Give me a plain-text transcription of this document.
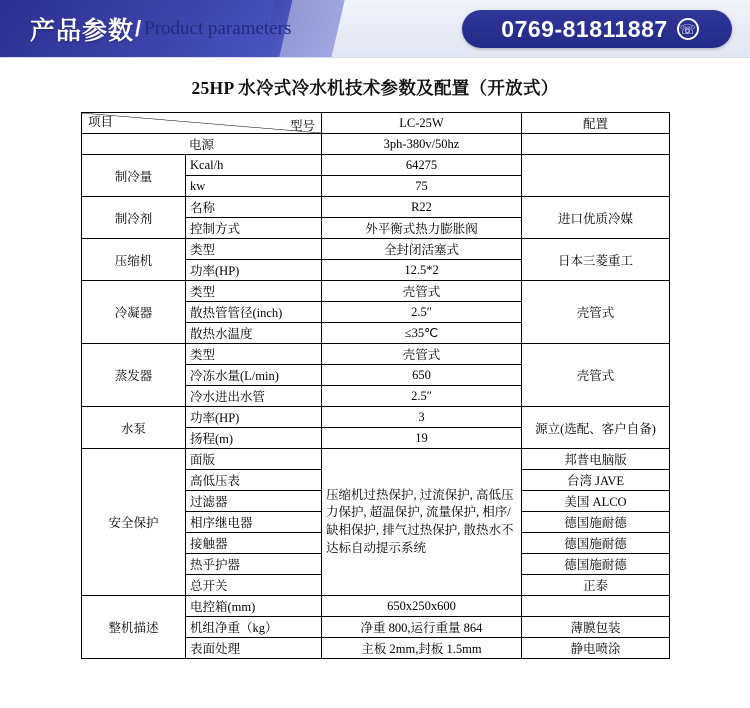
产品参数 / Product parameters	0769-81811887 ☏
25HP 水冷式冷水机技术参数及配置（开放式）
型号
项目		LC-25W	配置
电源		3ph-380v/50hz	
制冷量	Kcal/h	64275	
	kw	75	
制冷剂	名称	R22	进口优质冷媒
	控制方式	外平衡式热力膨胀阀	
压缩机	类型	全封闭活塞式	日本三菱重工
	功率(HP)	12.5*2	
冷凝器	类型	壳管式	壳管式
	散热管管径(inch)	2.5″	
	散热水温度	≤35℃	
蒸发器	类型	壳管式	壳管式
	冷冻水量(L/min)	650	
	冷水进出水管	2.5″	
水泵	功率(HP)	3	源立(选配、客户自备)
	扬程(m)	19	
安全保护	面版	压缩机过热保护, 过流保护, 高低压力保护, 超温保护, 流量保护, 相序/缺相保护, 排气过热保护, 散热水不达标自动提示系统	邦普电脑版
	高低压表		台湾 JAVE
	过滤器		美国 ALCO
	相序继电器		德国施耐德
	接触器		德国施耐德
	热乎护器		德国施耐德
	总开关		正泰
整机描述	电控箱(mm)	650x250x600	
	机组净重（kg）	净重 800,运行重量 864	薄膜包装
	表面处理	主板 2mm,封板 1.5mm	静电喷涂
